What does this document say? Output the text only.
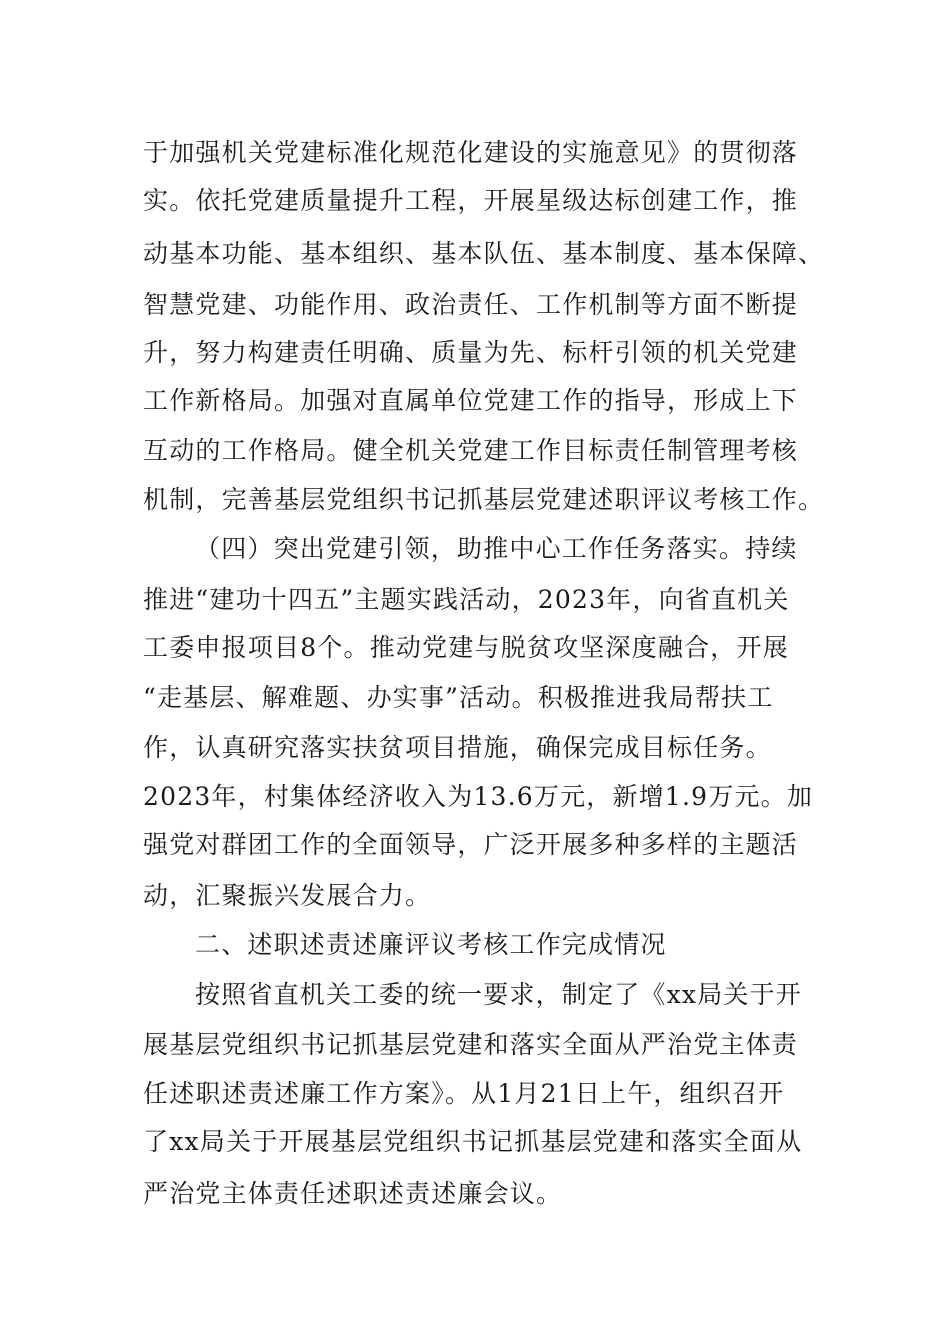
于加强机关党建标准化规范化建设的实施意见》的贯彻落
实。依托党建质量提升工程，开展星级达标创建工作，推
动基本功能、基本组织、基本队伍、基本制度、基本保障、
智慧党建、功能作用、政治责任、工作机制等方面不断提
升，努力构建责任明确、质量为先、标杆引领的机关党建
工作新格局。加强对直属单位党建工作的指导，形成上下
互动的工作格局。健全机关党建工作目标责任制管理考核
机制，完善基层党组织书记抓基层党建述职评议考核工作。
（四）突出党建引领，助推中心工作任务落实。持续
推进“建功十四五”主题实践活动，2023年，向省直机关
工委申报项目8个。推动党建与脱贫攻坚深度融合，开展
“走基层、解难题、办实事”活动。积极推进我局帮扶工
作，认真研究落实扶贫项目措施，确保完成目标任务。
2023年，村集体经济收入为13.6万元，新增1.9万元。加
强党对群团工作的全面领导，广泛开展多种多样的主题活
动，汇聚振兴发展合力。
二、述职述责述廉评议考核工作完成情况
按照省直机关工委的统一要求，制定了《xx局关于开
展基层党组织书记抓基层党建和落实全面从严治党主体责
任述职述责述廉工作方案》。从1月21日上午，组织召开
了xx局关于开展基层党组织书记抓基层党建和落实全面从
严治党主体责任述职述责述廉会议。
